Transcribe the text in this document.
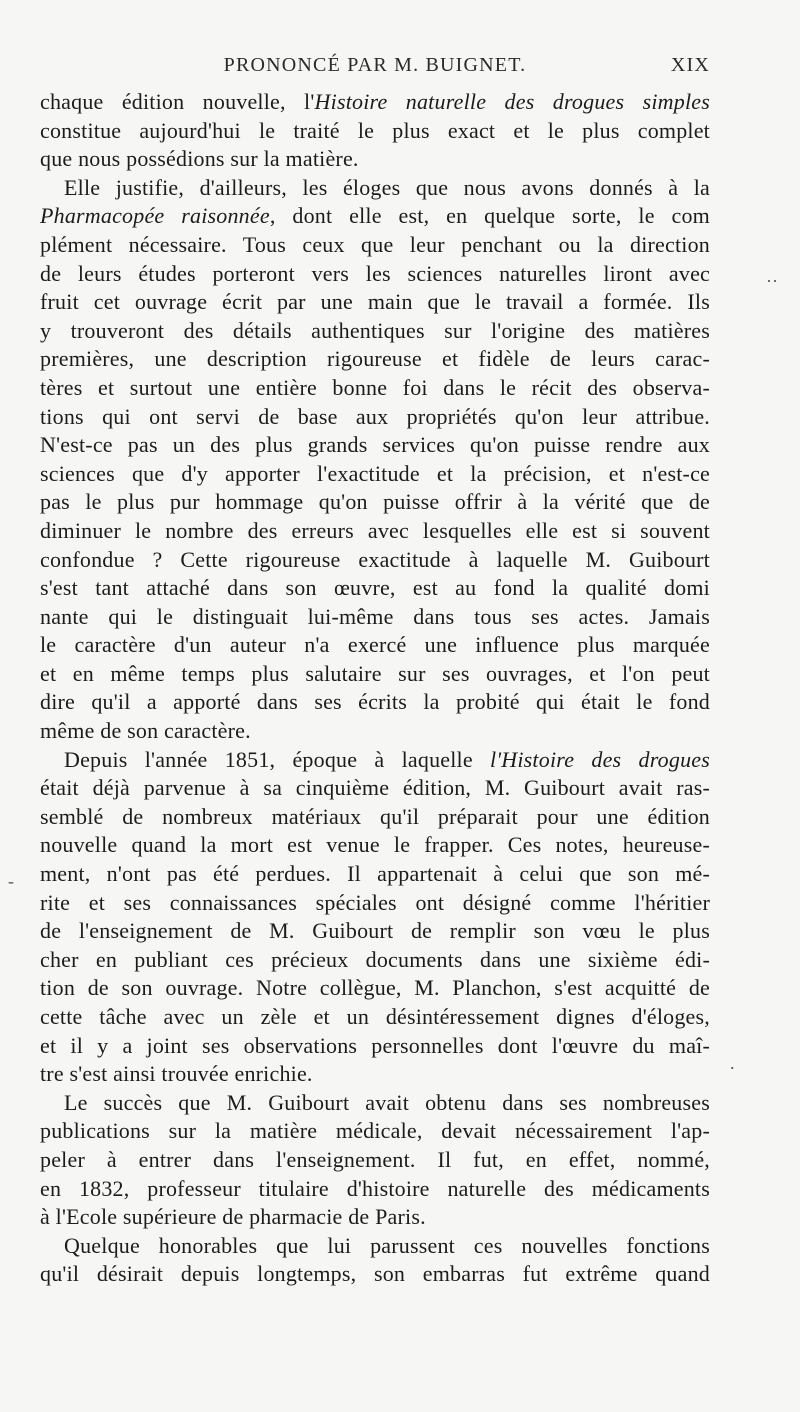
PRONONCÉ PAR M. BUIGNET.	XIX
chaque édition nouvelle, l'Histoire naturelle des drogues simples
constitue aujourd'hui le traité le plus exact et le plus complet
que nous possédions sur la matière.
Elle justifie, d'ailleurs, les éloges que nous avons donnés à la
Pharmacopée raisonnée, dont elle est, en quelque sorte, le com
plément nécessaire. Tous ceux que leur penchant ou la direction
de leurs études porteront vers les sciences naturelles liront avec
fruit cet ouvrage écrit par une main que le travail a formée. Ils
y trouveront des détails authentiques sur l'origine des matières
premières, une description rigoureuse et fidèle de leurs carac-
tères et surtout une entière bonne foi dans le récit des observa-
tions qui ont servi de base aux propriétés qu'on leur attribue.
N'est-ce pas un des plus grands services qu'on puisse rendre aux
sciences que d'y apporter l'exactitude et la précision, et n'est-ce
pas le plus pur hommage qu'on puisse offrir à la vérité que de
diminuer le nombre des erreurs avec lesquelles elle est si souvent
confondue ? Cette rigoureuse exactitude à laquelle M. Guibourt
s'est tant attaché dans son œuvre, est au fond la qualité domi
nante qui le distinguait lui-même dans tous ses actes. Jamais
le caractère d'un auteur n'a exercé une influence plus marquée
et en même temps plus salutaire sur ses ouvrages, et l'on peut
dire qu'il a apporté dans ses écrits la probité qui était le fond
même de son caractère.
Depuis l'année 1851, époque à laquelle l'Histoire des drogues
était déjà parvenue à sa cinquième édition, M. Guibourt avait ras-
semblé de nombreux matériaux qu'il préparait pour une édition
nouvelle quand la mort est venue le frapper. Ces notes, heureuse-
ment, n'ont pas été perdues. Il appartenait à celui que son mé-
rite et ses connaissances spéciales ont désigné comme l'héritier
de l'enseignement de M. Guibourt de remplir son vœu le plus
cher en publiant ces précieux documents dans une sixième édi-
tion de son ouvrage. Notre collègue, M. Planchon, s'est acquitté de
cette tâche avec un zèle et un désintéressement dignes d'éloges,
et il y a joint ses observations personnelles dont l'œuvre du maî-
tre s'est ainsi trouvée enrichie.
Le succès que M. Guibourt avait obtenu dans ses nombreuses
publications sur la matière médicale, devait nécessairement l'ap-
peler à entrer dans l'enseignement. Il fut, en effet, nommé,
en 1832, professeur titulaire d'histoire naturelle des médicaments
à l'Ecole supérieure de pharmacie de Paris.
Quelque honorables que lui parussent ces nouvelles fonctions
qu'il désirait depuis longtemps, son embarras fut extrême quand
··
-
.
